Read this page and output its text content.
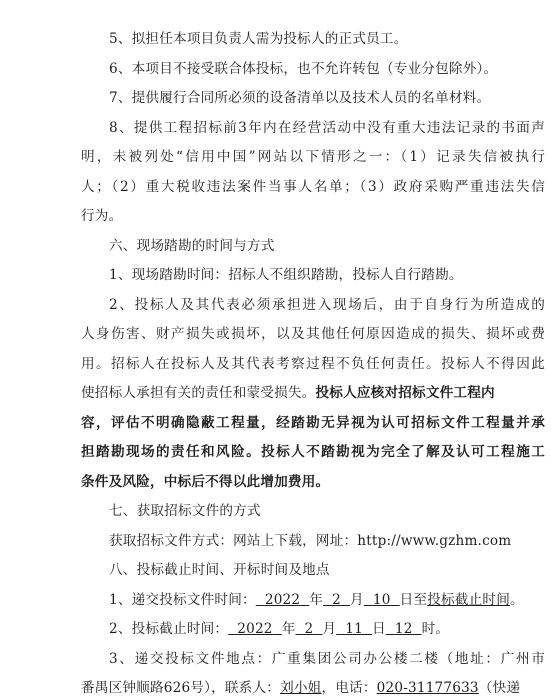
5、拟担任本项目负责人需为投标人的正式员工。
6、本项目不接受联合体投标，也不允许转包（专业分包除外）。
7、提供履行合同所必须的设备清单以及技术人员的名单材料。
8、提供工程招标前3年内在经营活动中没有重大违法记录的书面声
明，未被列处“信用中国”网站以下情形之一：（1）记录失信被执行
人；（2）重大税收违法案件当事人名单；（3）政府采购严重违法失信
行为。
六、现场踏勘的时间与方式
1、现场踏勘时间：招标人不组织踏勘，投标人自行踏勘。
2、投标人及其代表必须承担进入现场后，由于自身行为所造成的
人身伤害、财产损失或损坏，以及其他任何原因造成的损失、损坏或费
用。招标人在投标人及其代表考察过程不负任何责任。投标人不得因此
使招标人承担有关的责任和蒙受损失。投标人应核对招标文件工程内
容，评估不明确隐蔽工程量，经踏勘无异视为认可招标文件工程量并承
担踏勘现场的责任和风险。投标人不踏勘视为完全了解及认可工程施工
条件及风险，中标后不得以此增加费用。
七、获取招标文件的方式
获取招标文件方式：网站上下载，网址：http://www.gzhm.com
八、投标截止时间、开标时间及地点
1、递交投标文件时间： 2022 年 2 月 10 日至投标截止时间。
2、投标截止时间： 2022 年 2 月 11 日 12 时。
3、递交投标文件地点：广重集团公司办公楼二楼（地址：广州市
番禺区钟顺路626号），联系人：刘小姐，电话：020-31177633（快递
